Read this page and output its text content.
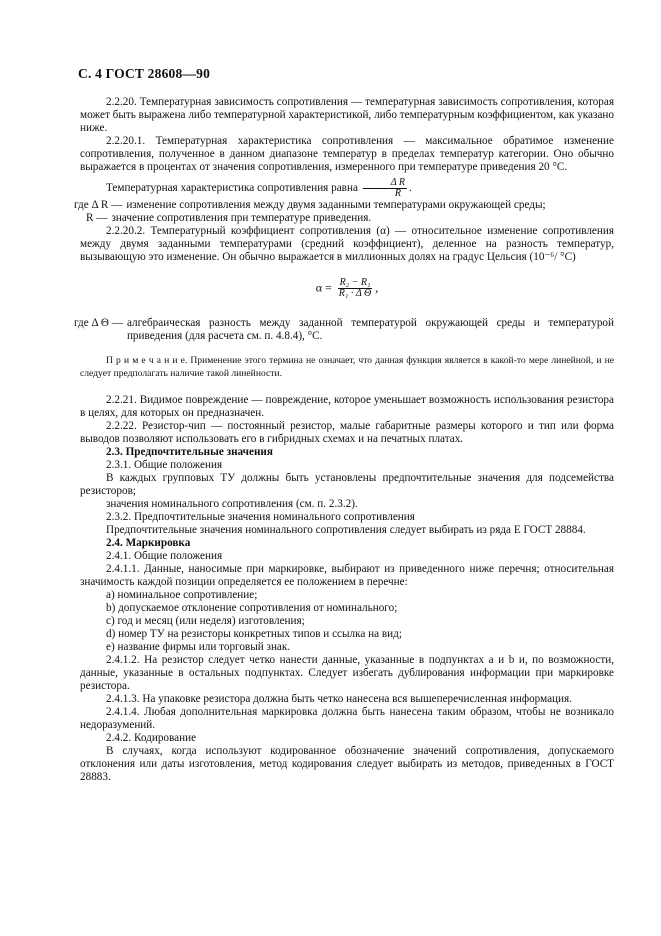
С. 4 ГОСТ 28608—90

2.2.20. Температурная зависимость сопротивления — температурная зависимость сопротивления, которая может быть выражена либо температурной характеристикой, либо температурным коэффициентом, как указано ниже.

2.2.20.1. Температурная характеристика сопротивления — максимальное обратимое изменение сопротивления, полученное в данном диапазоне температур в пределах температур категории. Оно обычно выражается в процентах от значения сопротивления, измеренного при температуре приведения 20 °С.

Температурная характеристика сопротивления равна $\frac{\text{Δ R}}{R}$ .

где Δ R — изменение сопротивления между двумя заданными температурами окружающей среды;
R — значение сопротивления при температуре приведения.

2.2.20.2. Температурный коэффициент сопротивления (α) — относительное изменение сопротивления между двумя заданными температурами (средний коэффициент), деленное на разность температур, вызывающую это изменение. Он обычно выражается в миллионных долях на градус Цельсия (10⁻⁶/ °С)

$\alpha = \frac{\text{R₂ − R₁}}{\text{R₁ · Δ Θ}}$ ,
где Δ Θ — алгебраическая разность между заданной температурой окружающей среды и температурой приведения (для расчета см. п. 4.8.4), °С.

П р и м е ч а н и е. Применение этого термина не означает, что данная функция является в какой-то мере линейной, и не следует предполагать наличие такой линейности.

2.2.21. Видимое повреждение — повреждение, которое уменьшает возможность использования резистора в целях, для которых он предназначен.

2.2.22. Резистор-чип — постоянный резистор, малые габаритные размеры которого и тип или форма выводов позволяют использовать его в гибридных схемах и на печатных платах.

2.3. Предпочтительные значения

2.3.1. Общие положения

В каждых групповых ТУ должны быть установлены предпочтительные значения для подсемейства резисторов;

значения номинального сопротивления (см. п. 2.3.2).

2.3.2. Предпочтительные значения номинального сопротивления

Предпочтительные значения номинального сопротивления следует выбирать из ряда Е ГОСТ 28884.

2.4. Маркировка

2.4.1. Общие положения

2.4.1.1. Данные, наносимые при маркировке, выбирают из приведенного ниже перечня; относительная значимость каждой позиции определяется ее положением в перечне:

a) номинальное сопротивление;
b) допускаемое отклонение сопротивления от номинального;
c) год и месяц (или неделя) изготовления;
d) номер ТУ на резисторы конкретных типов и ссылка на вид;
e) название фирмы или торговый знак.

2.4.1.2. На резистор следует четко нанести данные, указанные в подпунктах а и b и, по возможности, данные, указанные в остальных подпунктах. Следует избегать дублирования информации при маркировке резистора.

2.4.1.3. На упаковке резистора должна быть четко нанесена вся вышеперечисленная информация.

2.4.1.4. Любая дополнительная маркировка должна быть нанесена таким образом, чтобы не возникало недоразумений.

2.4.2. Кодирование

В случаях, когда используют кодированное обозначение значений сопротивления, допускаемого отклонения или даты изготовления, метод кодирования следует выбирать из методов, приведенных в ГОСТ 28883.
